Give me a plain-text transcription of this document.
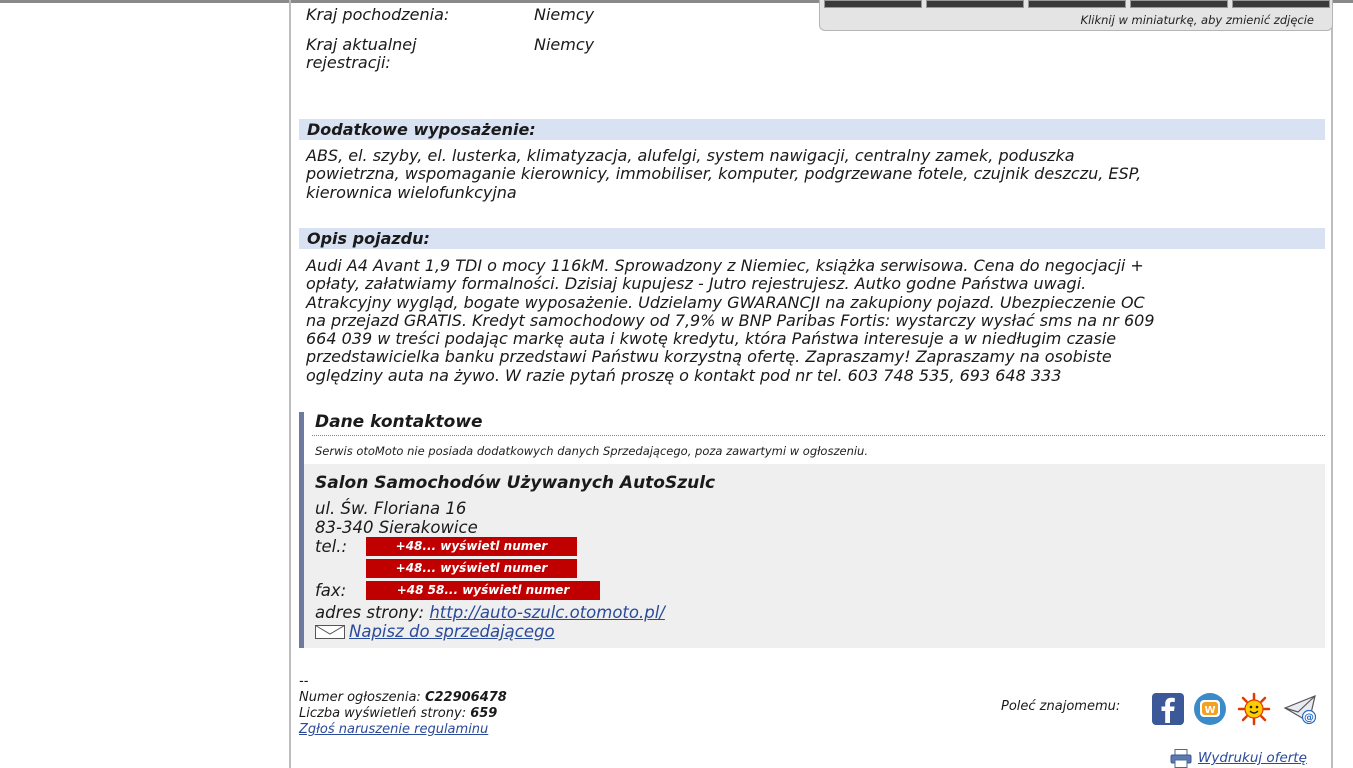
Kliknij w miniaturkę, aby zmienić zdjęcie
Kraj pochodzenia:	Niemcy
Kraj aktualnej rejestracji:
Niemcy
Dodatkowe wyposażenie:
ABS, el. szyby, el. lusterka, klimatyzacja, alufelgi, system nawigacji, centralny zamek, poduszka
powietrzna, wspomaganie kierownicy, immobiliser, komputer, podgrzewane fotele, czujnik deszczu, ESP,
kierownica wielofunkcyjna
Opis pojazdu:
Audi A4 Avant 1,9 TDI o mocy 116kM. Sprowadzony z Niemiec, książka serwisowa. Cena do negocjacji +
opłaty, załatwiamy formalności. Dzisiaj kupujesz - Jutro rejestrujesz. Autko godne Państwa uwagi.
Atrakcyjny wygląd, bogate wyposażenie. Udzielamy GWARANCJI na zakupiony pojazd. Ubezpieczenie OC
na przejazd GRATIS. Kredyt samochodowy od 7,9% w BNP Paribas Fortis: wystarczy wysłać sms na nr 609
664 039 w treści podając markę auta i kwotę kredytu, która Państwa interesuje a w niedługim czasie
przedstawicielka banku przedstawi Państwu korzystną ofertę. Zapraszamy! Zapraszamy na osobiste
oględziny auta na żywo. W razie pytań proszę o kontakt pod nr tel. 603 748 535, 693 648 333
Dane kontaktowe
Serwis otoMoto nie posiada dodatkowych danych Sprzedającego, poza zawartymi w ogłoszeniu.
Salon Samochodów Używanych AutoSzulc
ul. Św. Floriana 16
83-340 Sierakowice
tel.:	+48... wyświetl numer
+48... wyświetl numer
fax:	+48 58... wyświetl numer
adres strony: http://auto-szulc.otomoto.pl/
Napisz do sprzedającego
--
Numer ogłoszenia: C22906478
Liczba wyświetleń strony: 659
Zgłoś naruszenie regulaminu
Poleć znajomemu:	W
@
Wydrukuj ofertę
